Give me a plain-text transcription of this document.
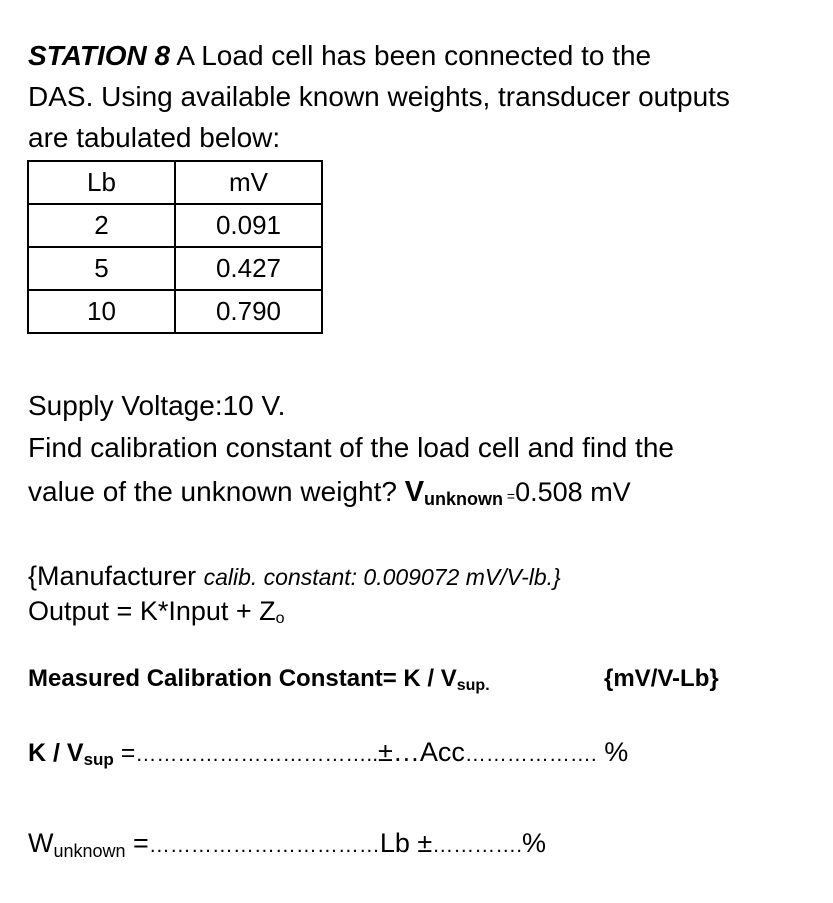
STATION 8 A Load cell has been connected to the
DAS. Using available known weights, transducer outputs
are tabulated below:
Lb	mV
2	0.091
5	0.427
10	0.790
Supply Voltage:10 V.
Find calibration constant of the load cell and find the
value of the unknown weight? $V_{unknown} =0.508$ mV
{Manufacturer calib. constant: 0.009072 mV/V-lb.}
Output = K*Input + $Z_o$
Measured Calibration Constant= K / $V_{sup.}$	{mV/V-Lb}
K / $V_{sup}$ =……………………………..±…Acc………………. %
$W_{unknown}$ =……………………………Lb ±………….%
